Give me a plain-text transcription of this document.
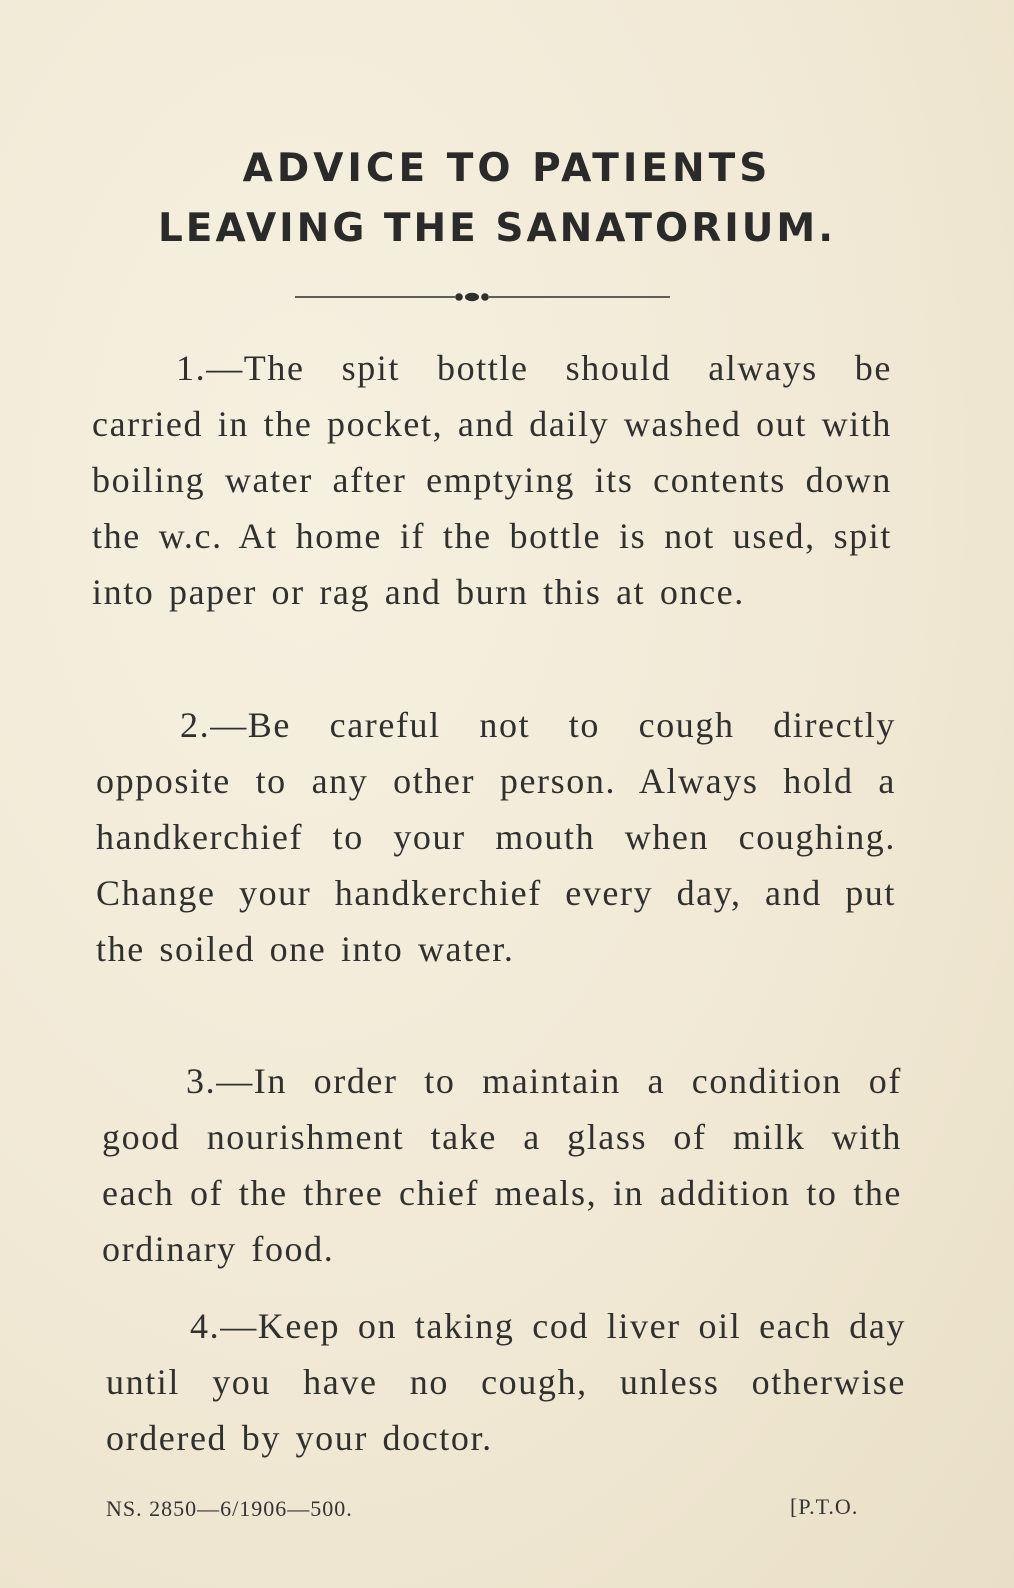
ADVICE TO PATIENTS
LEAVING THE SANATORIUM.

1.—The spit bottle should always be carried in the pocket, and daily washed out with boiling water after emptying its contents down the w.c. At home if the bottle is not used, spit into paper or rag and burn this at once.

2.—Be careful not to cough directly opposite to any other person. Always hold a handkerchief to your mouth when coughing. Change your handkerchief every day, and put the soiled one into water.

3.—In order to maintain a condition of good nourishment take a glass of milk with each of the three chief meals, in addition to the ordinary food.

4.—Keep on taking cod liver oil each day until you have no cough, unless otherwise ordered by your doctor.

NS. 2850—6/1906—500.	[P.T.O.
